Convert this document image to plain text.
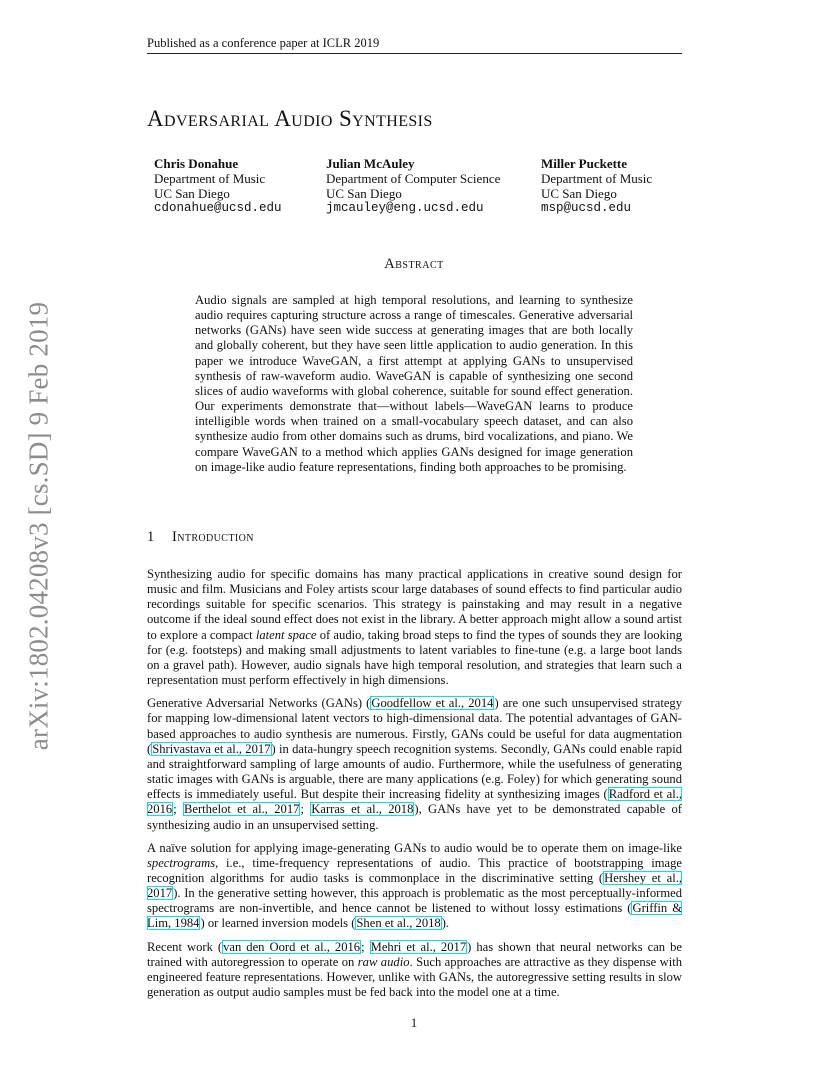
Published as a conference paper at ICLR 2019
arXiv:1802.04208v3 [cs.SD] 9 Feb 2019
Adversarial Audio Synthesis
Chris Donahue
Department of Music
UC San Diego
cdonahue@ucsd.edu
Julian McAuley
Department of Computer Science
UC San Diego
jmcauley@eng.ucsd.edu
Miller Puckette
Department of Music
UC San Diego
msp@ucsd.edu
Abstract

Audio signals are sampled at high temporal resolutions, and learning to synthesize audio requires capturing structure across a range of timescales. Generative adversarial networks (GANs) have seen wide success at generating images that are both locally and globally coherent, but they have seen little application to audio generation. In this paper we introduce WaveGAN, a first attempt at applying GANs to unsupervised synthesis of raw-waveform audio. WaveGAN is capable of synthesizing one second slices of audio waveforms with global coherence, suitable for sound effect generation. Our experiments demonstrate that—without labels—WaveGAN learns to produce intelligible words when trained on a small-vocabulary speech dataset, and can also synthesize audio from other domains such as drums, bird vocalizations, and piano. We compare WaveGAN to a method which applies GANs designed for image generation on image-like audio feature representations, finding both approaches to be promising.

1 Introduction

Synthesizing audio for specific domains has many practical applications in creative sound design for music and film. Musicians and Foley artists scour large databases of sound effects to find particular audio recordings suitable for specific scenarios. This strategy is painstaking and may result in a negative outcome if the ideal sound effect does not exist in the library. A better approach might allow a sound artist to explore a compact latent space of audio, taking broad steps to find the types of sounds they are looking for (e.g. footsteps) and making small adjustments to latent variables to fine-tune (e.g. a large boot lands on a gravel path). However, audio signals have high temporal resolution, and strategies that learn such a representation must perform effectively in high dimensions.

Generative Adversarial Networks (GANs) (Goodfellow et al., 2014) are one such unsupervised strategy for mapping low-dimensional latent vectors to high-dimensional data. The potential advantages of GAN-based approaches to audio synthesis are numerous. Firstly, GANs could be useful for data augmentation (Shrivastava et al., 2017) in data-hungry speech recognition systems. Secondly, GANs could enable rapid and straightforward sampling of large amounts of audio. Furthermore, while the usefulness of generating static images with GANs is arguable, there are many applications (e.g. Foley) for which generating sound effects is immediately useful. But despite their increasing fidelity at synthesizing images (Radford et al., 2016; Berthelot et al., 2017; Karras et al., 2018), GANs have yet to be demonstrated capable of synthesizing audio in an unsupervised setting.

A naïve solution for applying image-generating GANs to audio would be to operate them on image-like spectrograms, i.e., time-frequency representations of audio. This practice of bootstrapping image recognition algorithms for audio tasks is commonplace in the discriminative setting (Hershey et al., 2017). In the generative setting however, this approach is problematic as the most perceptually-informed spectrograms are non-invertible, and hence cannot be listened to without lossy estimations (Griffin & Lim, 1984) or learned inversion models (Shen et al., 2018).

Recent work (van den Oord et al., 2016; Mehri et al., 2017) has shown that neural networks can be trained with autoregression to operate on raw audio. Such approaches are attractive as they dispense with engineered feature representations. However, unlike with GANs, the autoregressive setting results in slow generation as output audio samples must be fed back into the model one at a time.

1
